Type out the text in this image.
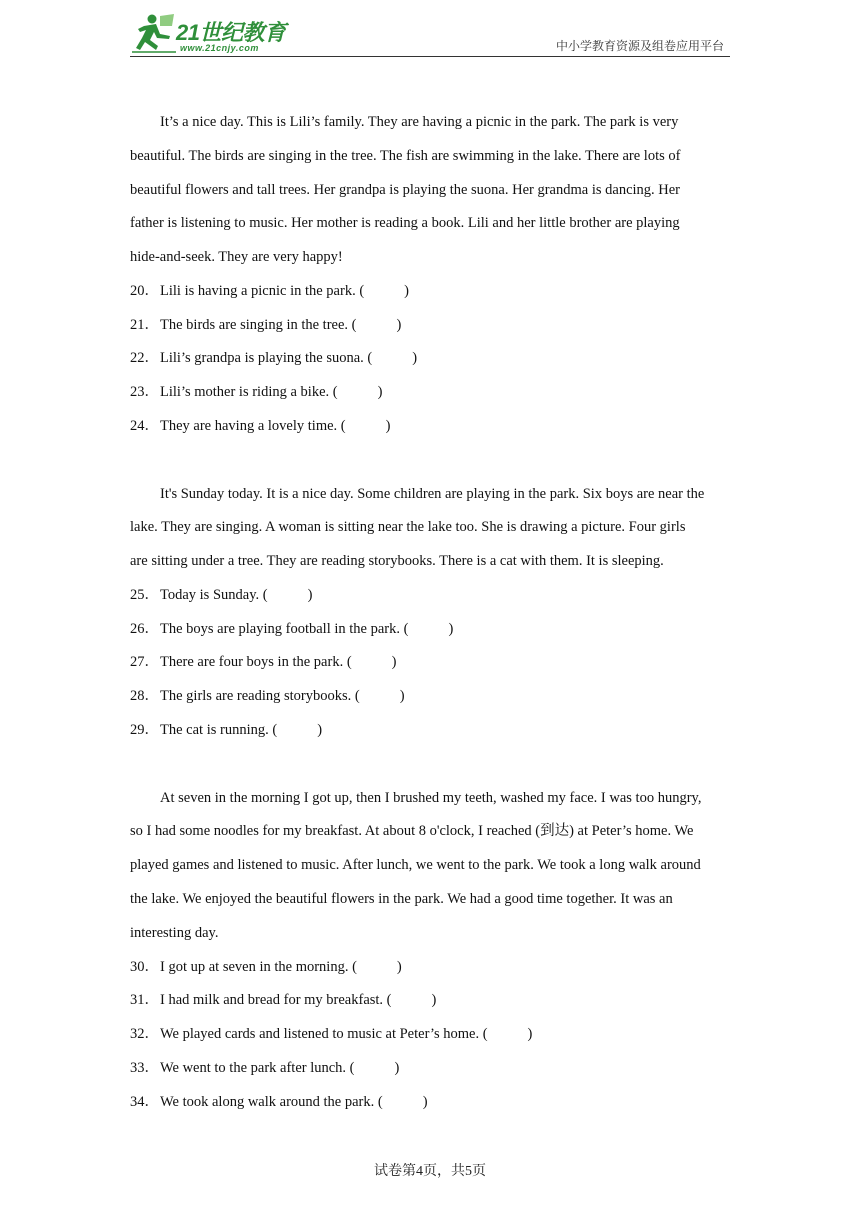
21世纪教育
www.21cnjy.com	中小学教育资源及组卷应用平台
It’s a nice day. This is Lili’s family. They are having a picnic in the park. The park is very
beautiful. The birds are singing in the tree. The fish are swimming in the lake. There are lots of
beautiful flowers and tall trees. Her grandpa is playing the suona. Her grandma is dancing. Her
father is listening to music. Her mother is reading a book. Lili and her little brother are playing
hide-and-seek. They are very happy!
20．Lili is having a picnic in the park. (	)
21．The birds are singing in the tree. (	)
22．Lili’s grandpa is playing the suona. (	)
23．Lili’s mother is riding a bike. (	)
24．They are having a lovely time. (	)
It's Sunday today. It is a nice day. Some children are playing in the park. Six boys are near the
lake. They are singing. A woman is sitting near the lake too. She is drawing a picture. Four girls
are sitting under a tree. They are reading storybooks. There is a cat with them. It is sleeping.
25．Today is Sunday. (	)
26．The boys are playing football in the park. (	)
27．There are four boys in the park. (	)
28．The girls are reading storybooks. (	)
29．The cat is running. (	)
At seven in the morning I got up, then I brushed my teeth, washed my face. I was too hungry,
so I had some noodles for my breakfast. At about 8 o'clock, I reached (到达) at Peter’s home. We
played games and listened to music. After lunch, we went to the park. We took a long walk around
the lake. We enjoyed the beautiful flowers in the park. We had a good time together. It was an
interesting day.
30．I got up at seven in the morning. (	)
31．I had milk and bread for my breakfast. (	)
32．We played cards and listened to music at Peter’s home. (	)
33．We went to the park after lunch. (	)
34．We took along walk around the park. (	)
试卷第4页，共5页
